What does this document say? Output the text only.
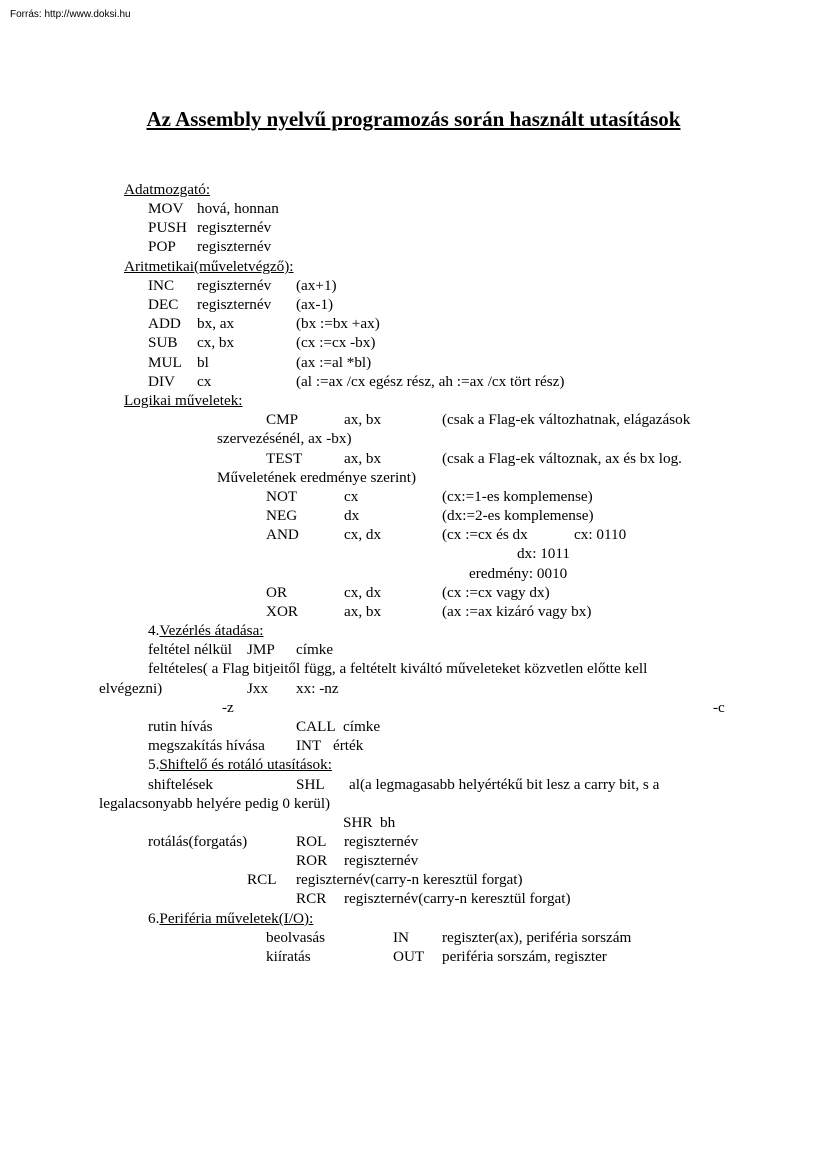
Forrás: http://www.doksi.hu
Az Assembly nyelvű programozás során használt utasítások
Adatmozgató:
MOV hová, honnan
PUSH regiszternév
POP regiszternév
Aritmetikai(műveletvégző):
INC regiszternév (ax+1)
DEC regiszternév (ax-1)
ADD bx, ax	(bx :=bx +ax)
SUB cx, bx	(cx :=cx -bx)
MUL bl	(ax :=al *bl)
DIV cx	(al :=ax /cx egész rész, ah :=ax /cx tört rész)
Logikai műveletek:
CMP	ax, bx	(csak a Flag-ek változhatnak, elágazások
szervezésénél, ax -bx)
TEST	ax, bx	(csak a Flag-ek változnak, ax és bx log.
Műveletének eredménye szerint)
NOT	cx	(cx:=1-es komplemense)
NEG	dx	(dx:=2-es komplemense)
AND	cx, dx	(cx :=cx és dx	cx: 0110
dx: 1011
eredmény: 0010
OR	cx, dx	(cx :=cx vagy dx)
XOR	ax, bx	(ax :=ax kizáró vagy bx)
4.Vezérlés átadása:
feltétel nélkül JMP címke
feltételes( a Flag bitjeitől függ, a feltételt kiváltó műveleteket közvetlen előtte kell
elvégezni)	Jxx xx: -nz
-z	-c
rutin hívás	CALL címke
megszakítás hívása INT érték
5.Shiftelő és rotáló utasítások:
shiftelések	SHL al(a legmagasabb helyértékű bit lesz a carry bit, s a
legalacsonyabb helyére pedig 0 kerül)
SHR bh
rotálás(forgatás)	ROL regiszternév
ROR regiszternév
RCL regiszternév(carry-n keresztül forgat)
RCR regiszternév(carry-n keresztül forgat)
6.Periféria műveletek(I/O):
beolvasás	IN regiszter(ax), periféria sorszám
kiíratás	OUT periféria sorszám, regiszter
